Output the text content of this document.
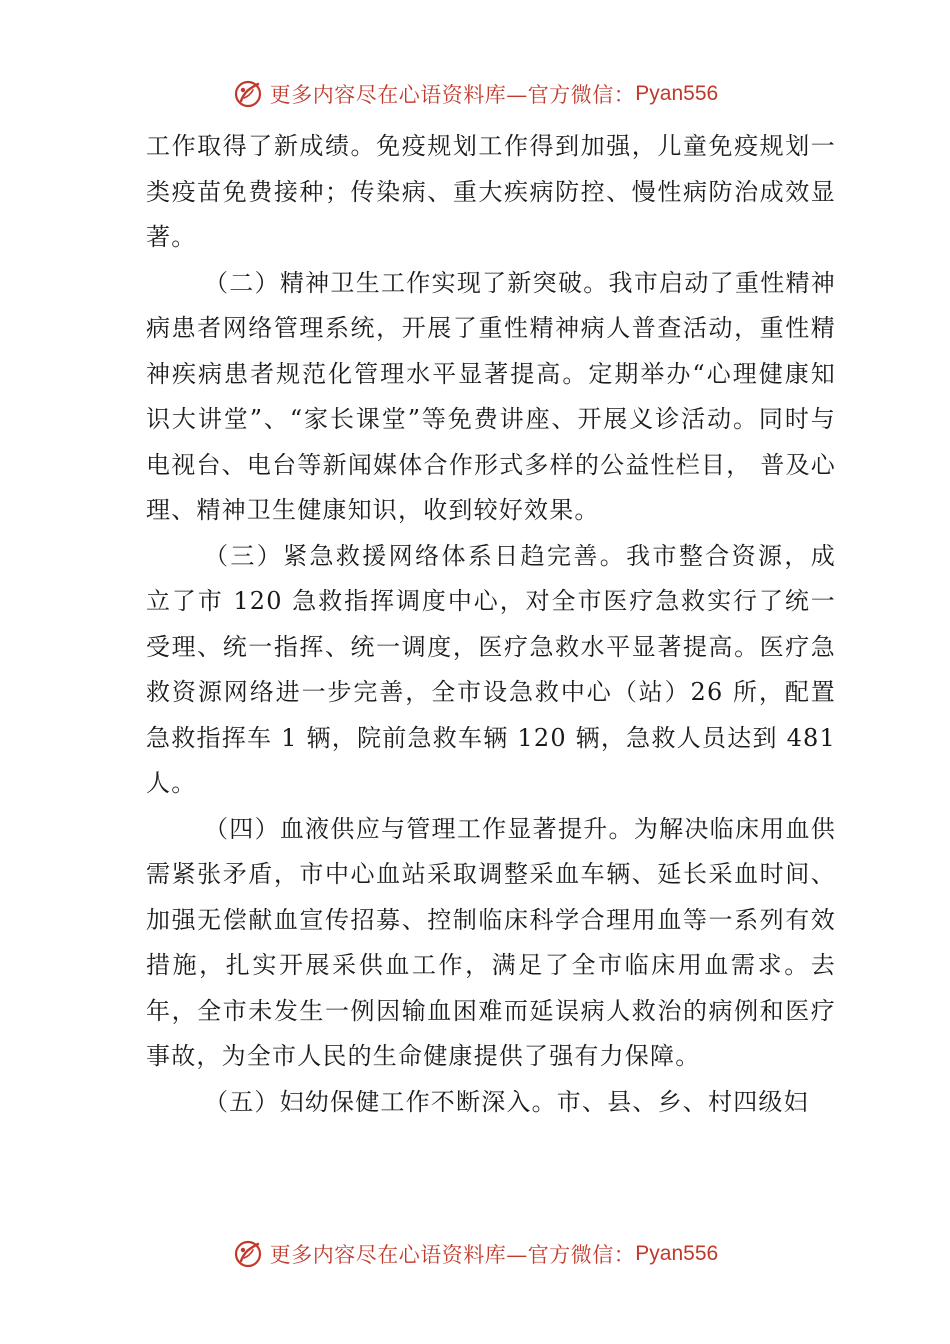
更多内容尽在心语资料库—官方微信： Pyan556

工作取得了新成绩。免疫规划工作得到加强，儿童免疫规划一类疫苗免费接种；传染病、重大疾病防控、慢性病防治成效显著。

（二）精神卫生工作实现了新突破。我市启动了重性精神病患者网络管理系统，开展了重性精神病人普查活动，重性精神疾病患者规范化管理水平显著提高。定期举办“心理健康知识大讲堂”、“家长课堂”等免费讲座、开展义诊活动。同时与电视台、电台等新闻媒体合作形式多样的公益性栏目， 普及心理、精神卫生健康知识，收到较好效果。

（三）紧急救援网络体系日趋完善。我市整合资源，成 立了市 120 急救指挥调度中心，对全市医疗急救实行了统一受理、统一指挥、统一调度，医疗急救水平显著提高。医疗急救资源网络进一步完善，全市设急救中心（站）26 所，配置急救指挥车 1 辆，院前急救车辆 120 辆，急救人员达到 481 人。

（四）血液供应与管理工作显著提升。为解决临床用血供需紧张矛盾，市中心血站采取调整采血车辆、延长采血时间、加强无偿献血宣传招募、控制临床科学合理用血等一系列有效措施，扎实开展采供血工作，满足了全市临床用血需求。去年，全市未发生一例因输血困难而延误病人救治的病例和医疗事故，为全市人民的生命健康提供了强有力保障。

（五）妇幼保健工作不断深入。市、县、乡、村四级妇

更多内容尽在心语资料库—官方微信： Pyan556
